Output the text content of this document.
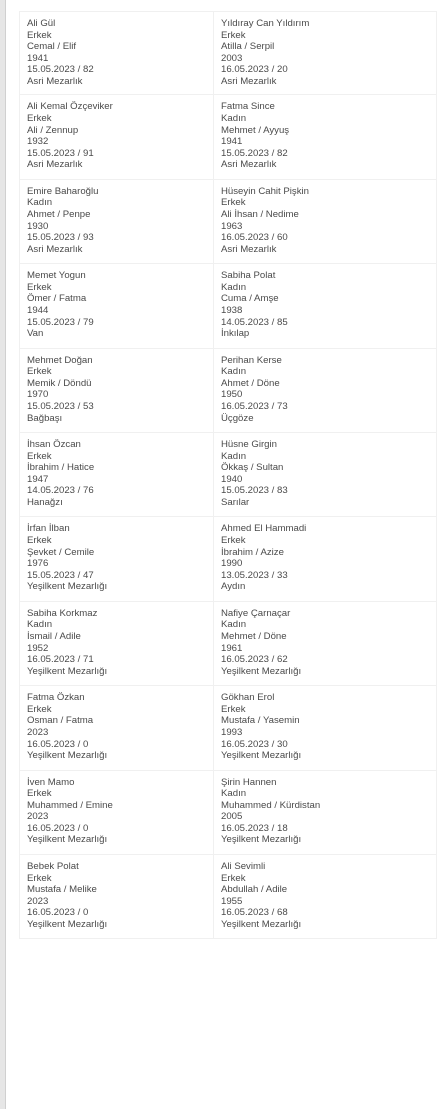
Ali Gül
Erkek
Cemal / Elif
1941
15.05.2023 / 82
Asri Mezarlık
Yıldıray Can Yıldırım
Erkek
Atilla / Serpil
2003
16.05.2023 / 20
Asri Mezarlık
Ali Kemal Özçeviker
Erkek
Ali / Zennup
1932
15.05.2023 / 91
Asri Mezarlık
Fatma Since
Kadın
Mehmet / Ayyuş
1941
15.05.2023 / 82
Asri Mezarlık
Emire Baharoğlu
Kadın
Ahmet / Penpe
1930
15.05.2023 / 93
Asri Mezarlık
Hüseyin Cahit Pişkin
Erkek
Ali İhsan / Nedime
1963
16.05.2023 / 60
Asri Mezarlık
Memet Yogun
Erkek
Ömer / Fatma
1944
15.05.2023 / 79
Van
Sabiha Polat
Kadın
Cuma / Amşe
1938
14.05.2023 / 85
İnkılap
Mehmet Doğan
Erkek
Memik / Döndü
1970
15.05.2023 / 53
Bağbaşı
Perihan Kerse
Kadın
Ahmet / Döne
1950
16.05.2023 / 73
Üçgöze
İhsan Özcan
Erkek
İbrahim / Hatice
1947
14.05.2023 / 76
Hanağzı
Hüsne Girgin
Kadın
Ökkaş / Sultan
1940
15.05.2023 / 83
Sarılar
İrfan İlban
Erkek
Şevket / Cemile
1976
15.05.2023 / 47
Yeşilkent Mezarlığı
Ahmed El Hammadi
Erkek
İbrahim / Azize
1990
13.05.2023 / 33
Aydın
Sabiha Korkmaz
Kadın
İsmail / Adile
1952
16.05.2023 / 71
Yeşilkent Mezarlığı
Nafiye Çarnaçar
Kadın
Mehmet / Döne
1961
16.05.2023 / 62
Yeşilkent Mezarlığı
Fatma Özkan
Erkek
Osman / Fatma
2023
16.05.2023 / 0
Yeşilkent Mezarlığı
Gökhan Erol
Erkek
Mustafa / Yasemin
1993
16.05.2023 / 30
Yeşilkent Mezarlığı
İven Mamo
Erkek
Muhammed / Emine
2023
16.05.2023 / 0
Yeşilkent Mezarlığı
Şirin Hannen
Kadın
Muhammed / Kürdistan
2005
16.05.2023 / 18
Yeşilkent Mezarlığı
Bebek Polat
Erkek
Mustafa / Melike
2023
16.05.2023 / 0
Yeşilkent Mezarlığı
Ali Sevimli
Erkek
Abdullah / Adile
1955
16.05.2023 / 68
Yeşilkent Mezarlığı
